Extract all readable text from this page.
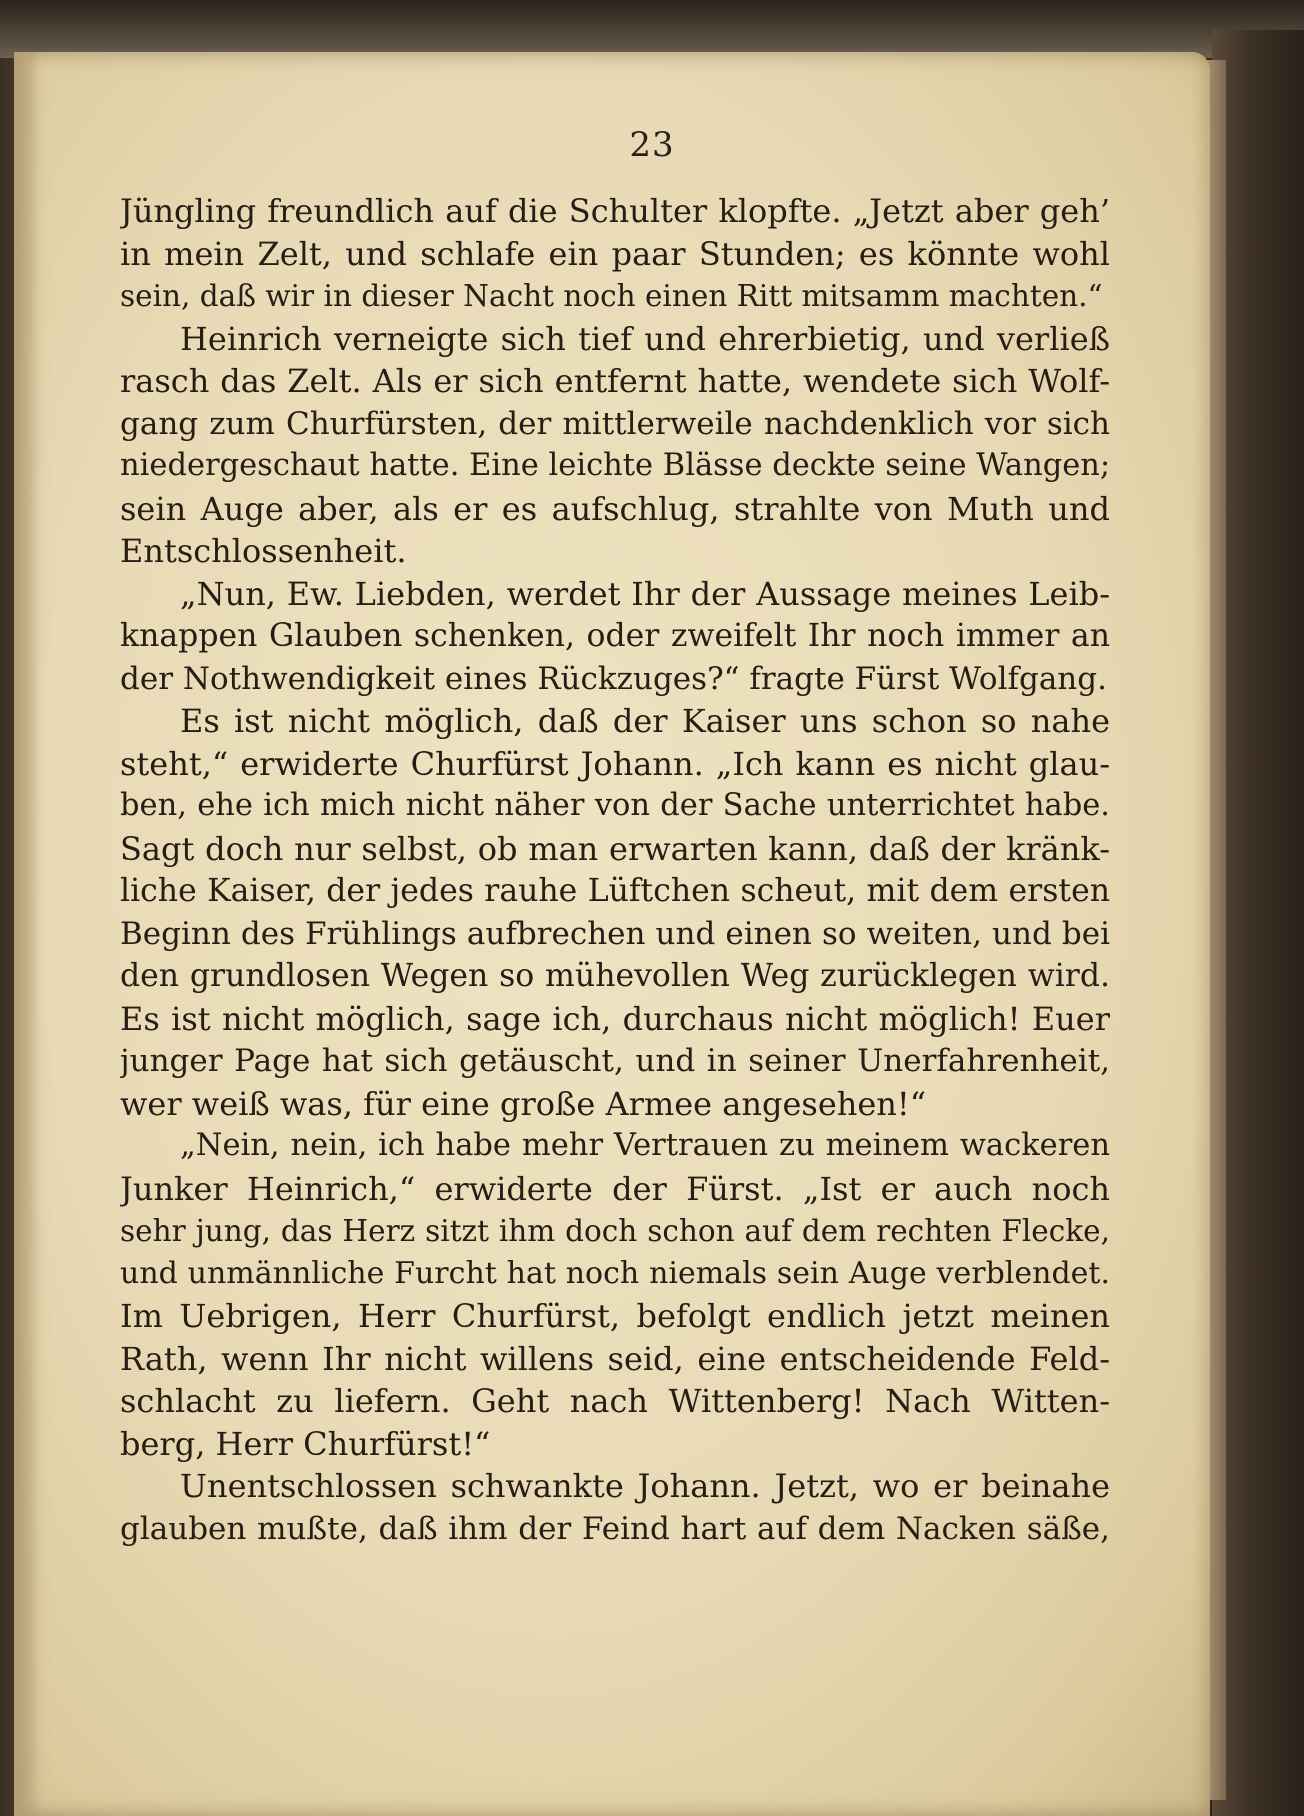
23
Jüngling freundlich auf die Schulter klopfte. „Jetzt aber geh’
in mein Zelt, und schlafe ein paar Stunden; es könnte wohl
sein, daß wir in dieser Nacht noch einen Ritt mitsamm machten.“
Heinrich verneigte sich tief und ehrerbietig, und verließ
rasch das Zelt. Als er sich entfernt hatte, wendete sich Wolf-
gang zum Churfürsten, der mittlerweile nachdenklich vor sich
niedergeschaut hatte. Eine leichte Blässe deckte seine Wangen;
sein Auge aber, als er es aufschlug, strahlte von Muth und
Entschlossenheit.
„Nun, Ew. Liebden, werdet Ihr der Aussage meines Leib-
knappen Glauben schenken, oder zweifelt Ihr noch immer an
der Nothwendigkeit eines Rückzuges?“ fragte Fürst Wolfgang.
Es ist nicht möglich, daß der Kaiser uns schon so nahe
steht,“ erwiderte Churfürst Johann. „Ich kann es nicht glau-
ben, ehe ich mich nicht näher von der Sache unterrichtet habe.
Sagt doch nur selbst, ob man erwarten kann, daß der kränk-
liche Kaiser, der jedes rauhe Lüftchen scheut, mit dem ersten
Beginn des Frühlings aufbrechen und einen so weiten, und bei
den grundlosen Wegen so mühevollen Weg zurücklegen wird.
Es ist nicht möglich, sage ich, durchaus nicht möglich! Euer
junger Page hat sich getäuscht, und in seiner Unerfahrenheit,
wer weiß was, für eine große Armee angesehen!“
„Nein, nein, ich habe mehr Vertrauen zu meinem wackeren
Junker Heinrich,“ erwiderte der Fürst. „Ist er auch noch
sehr jung, das Herz sitzt ihm doch schon auf dem rechten Flecke,
und unmännliche Furcht hat noch niemals sein Auge verblendet.
Im Uebrigen, Herr Churfürst, befolgt endlich jetzt meinen
Rath, wenn Ihr nicht willens seid, eine entscheidende Feld-
schlacht zu liefern. Geht nach Wittenberg! Nach Witten-
berg, Herr Churfürst!“
Unentschlossen schwankte Johann. Jetzt, wo er beinahe
glauben mußte, daß ihm der Feind hart auf dem Nacken säße,
